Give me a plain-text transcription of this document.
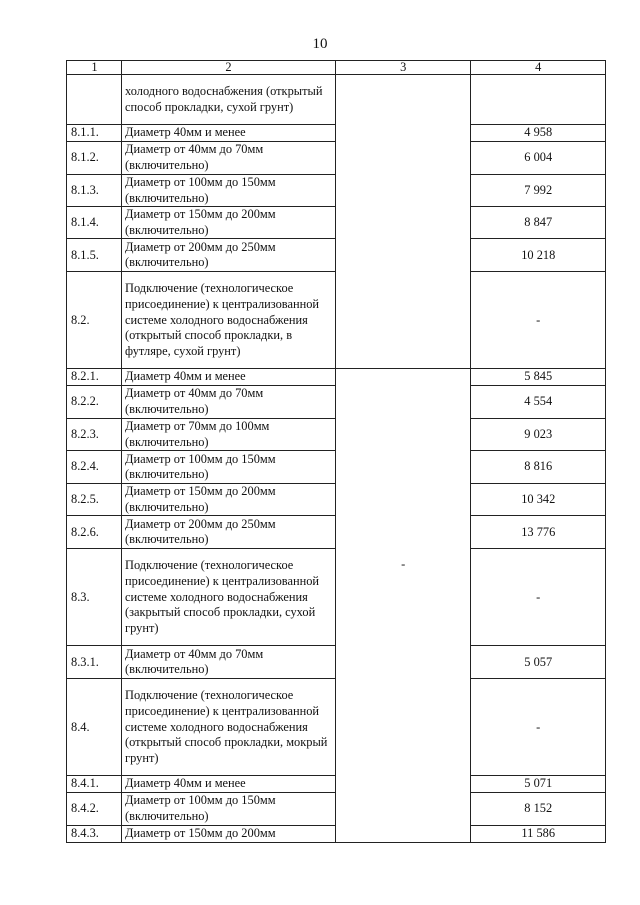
10
1	2	3	4
	холодного водоснабжения (открытый способ прокладки, сухой грунт)		
8.1.1.	Диаметр 40мм и менее		4 958
8.1.2.	Диаметр от 40мм до 70мм (включительно)		6 004
8.1.3.	Диаметр от 100мм до 150мм (включительно)		7 992
8.1.4.	Диаметр от 150мм до 200мм (включительно)		8 847
8.1.5.	Диаметр от 200мм до 250мм (включительно)		10 218
8.2.	Подключение (технологическое присоединение) к централизованной системе холодного водоснабжения (открытый способ прокладки, в футляре, сухой грунт)		-
8.2.1.	Диаметр 40мм и менее	-	5 845
8.2.2.	Диаметр от 40мм до 70мм (включительно)		4 554
8.2.3.	Диаметр от 70мм до 100мм (включительно)		9 023
8.2.4.	Диаметр от 100мм до 150мм (включительно)		8 816
8.2.5.	Диаметр от 150мм до 200мм (включительно)		10 342
8.2.6.	Диаметр от 200мм до 250мм (включительно)		13 776
8.3.	Подключение (технологическое присоединение) к централизованной системе холодного водоснабжения (закрытый способ прокладки, сухой грунт)		-
8.3.1.	Диаметр от 40мм до 70мм (включительно)		5 057
8.4.	Подключение (технологическое присоединение) к централизованной системе холодного водоснабжения (открытый способ прокладки, мокрый грунт)		-
8.4.1.	Диаметр 40мм и менее		5 071
8.4.2.	Диаметр от 100мм до 150мм (включительно)		8 152
8.4.3.	Диаметр от 150мм до 200мм		11 586
